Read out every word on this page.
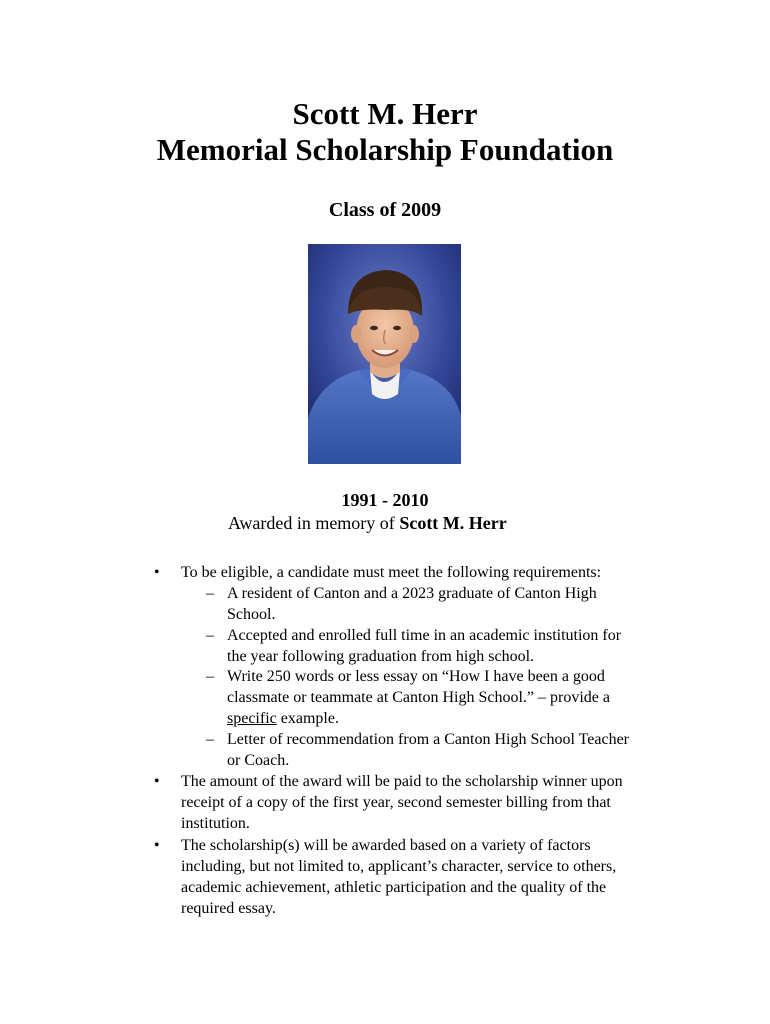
Scott M. Herr
Memorial Scholarship Foundation
Class of 2009
1991 - 2010
Awarded in memory of Scott M. Herr
• To be eligible, a candidate must meet the following requirements:
– A resident of Canton and a 2023 graduate of Canton High
School.
– Accepted and enrolled full time in an academic institution for
the year following graduation from high school.
– Write 250 words or less essay on “How I have been a good
classmate or teammate at Canton High School.” – provide a
specific example.
– Letter of recommendation from a Canton High School Teacher
or Coach.
• The amount of the award will be paid to the scholarship winner upon
receipt of a copy of the first year, second semester billing from that
institution.
• The scholarship(s) will be awarded based on a variety of factors
including, but not limited to, applicant’s character, service to others,
academic achievement, athletic participation and the quality of the
required essay.
